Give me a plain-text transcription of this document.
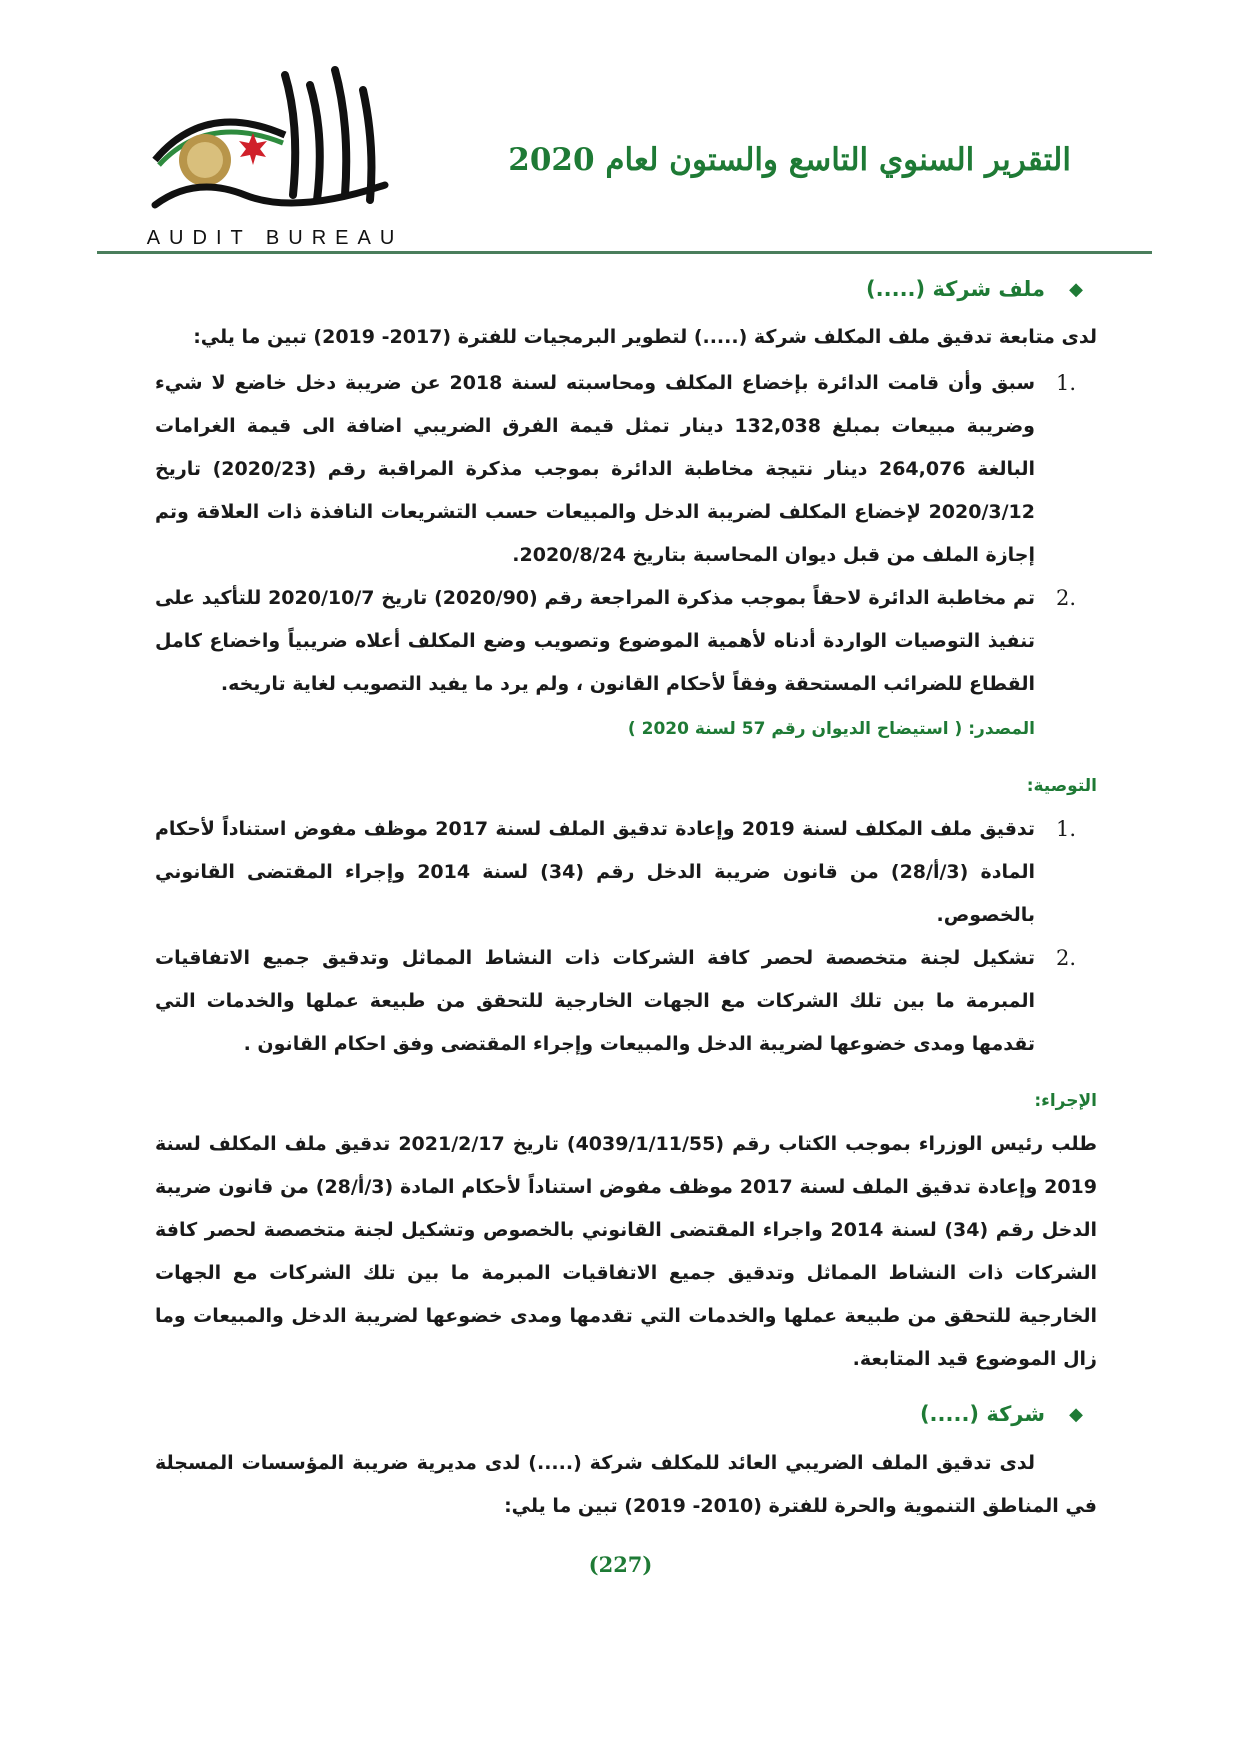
AUDIT BUREAU
التقرير السنوي التاسع والستون لعام 2020
◆
ملف شركة (.....)

لدى متابعة تدقيق ملف المكلف شركة (.....) لتطوير البرمجيات للفترة (2017- 2019) تبين ما يلي:

.1
سبق وأن قامت الدائرة بإخضاع المكلف ومحاسبته لسنة 2018 عن ضريبة دخل خاضع لا شيء وضريبة مبيعات بمبلغ 132,038 دينار تمثل قيمة الفرق الضريبي اضافة الى قيمة الغرامات البالغة 264,076 دينار نتيجة مخاطبة الدائرة بموجب مذكرة المراقبة رقم (2020/23) تاريخ 2020/3/12 لإخضاع المكلف لضريبة الدخل والمبيعات حسب التشريعات النافذة ذات العلاقة وتم إجازة الملف من قبل ديوان المحاسبة بتاريخ 2020/8/24.
.2
تم مخاطبة الدائرة لاحقاً بموجب مذكرة المراجعة رقم (2020/90) تاريخ 2020/10/7 للتأكيد على تنفيذ التوصيات الواردة أدناه لأهمية الموضوع وتصويب وضع المكلف أعلاه ضريبياً واخضاع كامل القطاع للضرائب المستحقة وفقاً لأحكام القانون ، ولم يرد ما يفيد التصويب لغاية تاريخه.
المصدر: ( استيضاح الديوان رقم 57 لسنة 2020 )
التوصية:
.1
تدقيق ملف المكلف لسنة 2019 وإعادة تدقيق الملف لسنة 2017 موظف مفوض استناداً لأحكام المادة (3/أ/28) من قانون ضريبة الدخل رقم (34) لسنة 2014 وإجراء المقتضى القانوني بالخصوص.
.2
تشكيل لجنة متخصصة لحصر كافة الشركات ذات النشاط المماثل وتدقيق جميع الاتفاقيات المبرمة ما بين تلك الشركات مع الجهات الخارجية للتحقق من طبيعة عملها والخدمات التي تقدمها ومدى خضوعها لضريبة الدخل والمبيعات وإجراء المقتضى وفق احكام القانون .
الإجراء:

طلب رئيس الوزراء بموجب الكتاب رقم (4039/1/11/55) تاريخ 2021/2/17 تدقيق ملف المكلف لسنة 2019 وإعادة تدقيق الملف لسنة 2017 موظف مفوض استناداً لأحكام المادة (3/أ/28) من قانون ضريبة الدخل رقم (34) لسنة 2014 واجراء المقتضى القانوني بالخصوص وتشكيل لجنة متخصصة لحصر كافة الشركات ذات النشاط المماثل وتدقيق جميع الاتفاقيات المبرمة ما بين تلك الشركات مع الجهات الخارجية للتحقق من طبيعة عملها والخدمات التي تقدمها ومدى خضوعها لضريبة الدخل والمبيعات وما زال الموضوع قيد المتابعة.

◆
شركة (.....)

لدى تدقيق الملف الضريبي العائد للمكلف شركة (.....) لدى مديرية ضريبة المؤسسات المسجلة في المناطق التنموية والحرة للفترة (2010- 2019) تبين ما يلي:

(227)
